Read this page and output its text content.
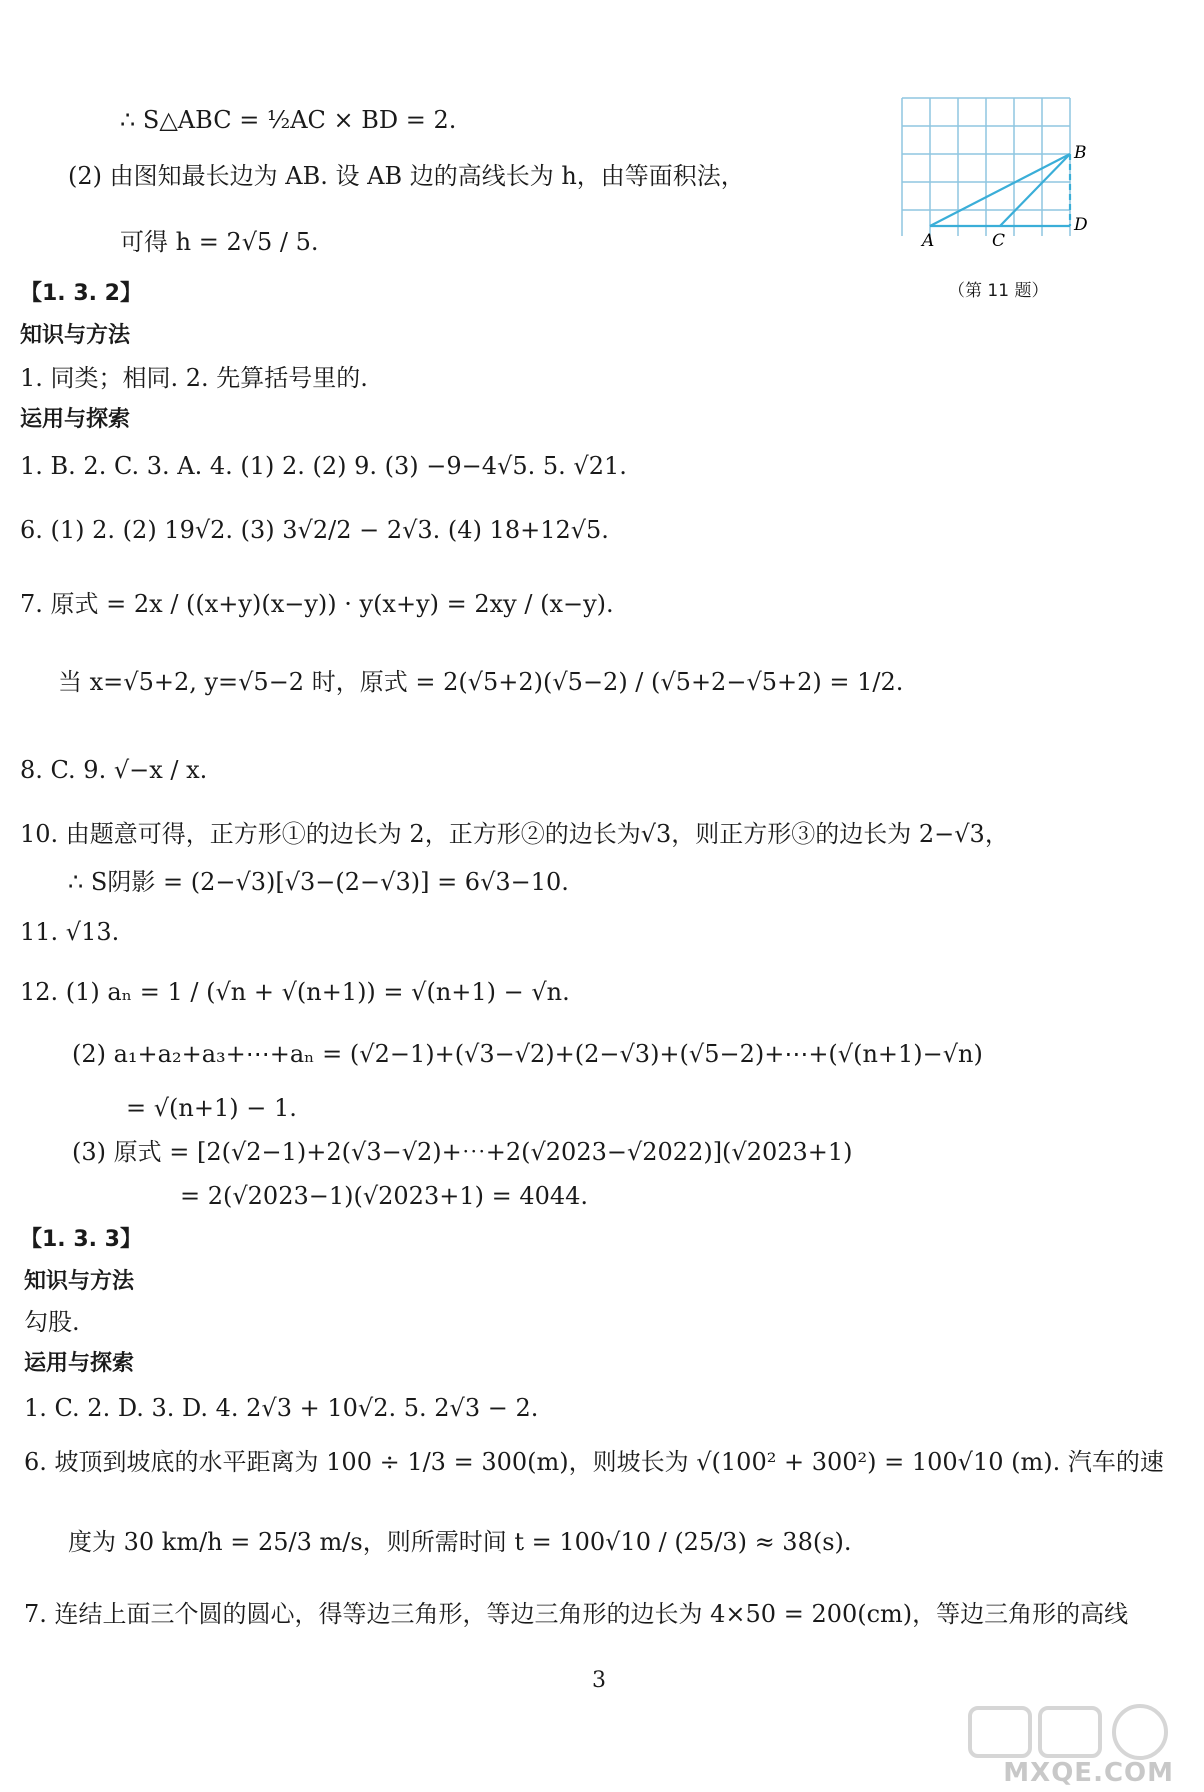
∴ S△ABC = ½AC × BD = 2.
(2) 由图知最长边为 AB. 设 AB 边的高线长为 h，由等面积法，
可得 h = 2√5 / 5.
【1. 3. 2】
知识与方法
1. 同类；相同. 2. 先算括号里的.
运用与探索
1. B. 2. C. 3. A. 4. (1) 2. (2) 9. (3) −9−4√5. 5. √21.
6. (1) 2. (2) 19√2. (3) 3√2/2 − 2√3. (4) 18+12√5.
7. 原式 = 2x / ((x+y)(x−y)) · y(x+y) = 2xy / (x−y).
当 x=√5+2, y=√5−2 时，原式 = 2(√5+2)(√5−2) / (√5+2−√5+2) = 1/2.
8. C. 9. √−x / x.
10. 由题意可得，正方形①的边长为 2，正方形②的边长为√3，则正方形③的边长为 2−√3，
∴ S阴影 = (2−√3)[√3−(2−√3)] = 6√3−10.
11. √13.
12. (1) aₙ = 1 / (√n + √(n+1)) = √(n+1) − √n.
(2) a₁+a₂+a₃+⋯+aₙ = (√2−1)+(√3−√2)+(2−√3)+(√5−2)+⋯+(√(n+1)−√n)
= √(n+1) − 1.
(3) 原式 = [2(√2−1)+2(√3−√2)+⋯+2(√2023−√2022)](√2023+1)
= 2(√2023−1)(√2023+1) = 4044.
【1. 3. 3】
知识与方法
勾股.
运用与探索
1. C. 2. D. 3. D. 4. 2√3 + 10√2. 5. 2√3 − 2.
6. 坡顶到坡底的水平距离为 100 ÷ 1/3 = 300(m)，则坡长为 √(100² + 300²) = 100√10 (m). 汽车的速
度为 30 km/h = 25/3 m/s，则所需时间 t = 100√10 / (25/3) ≈ 38(s).
7. 连结上面三个圆的圆心，得等边三角形，等边三角形的边长为 4×50 = 200(cm)，等边三角形的高线
A	C
B
D
（第 11 题）
3
MXQE.COM
